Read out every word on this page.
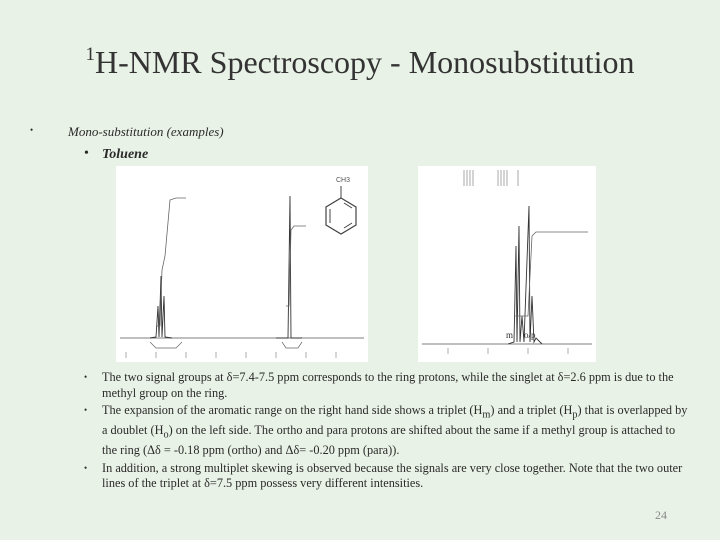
$^1$H-NMR Spectroscopy - Monosubstitution
•	Mono-substitution (examples)
• Toluene
CH3
m o/p
• The two signal groups at δ=7.4-7.5 ppm corresponds to the ring protons, while the singlet at δ=2.6 ppm is due to the methyl group on the ring.
• The expansion of the aromatic range on the right hand side shows a triplet $(H_m)$ and a triplet $(H_p)$ that is overlapped by a doublet $(H_o)$ on the left side. The ortho and para protons are shifted about the same if a methyl group is attached to the ring (Δδ = -0.18 ppm (ortho) and Δδ= -0.20 ppm (para)).
• In addition, a strong multiplet skewing is observed because the signals are very close together. Note that the two outer lines of the triplet at δ=7.5 ppm possess very different intensities.
24
